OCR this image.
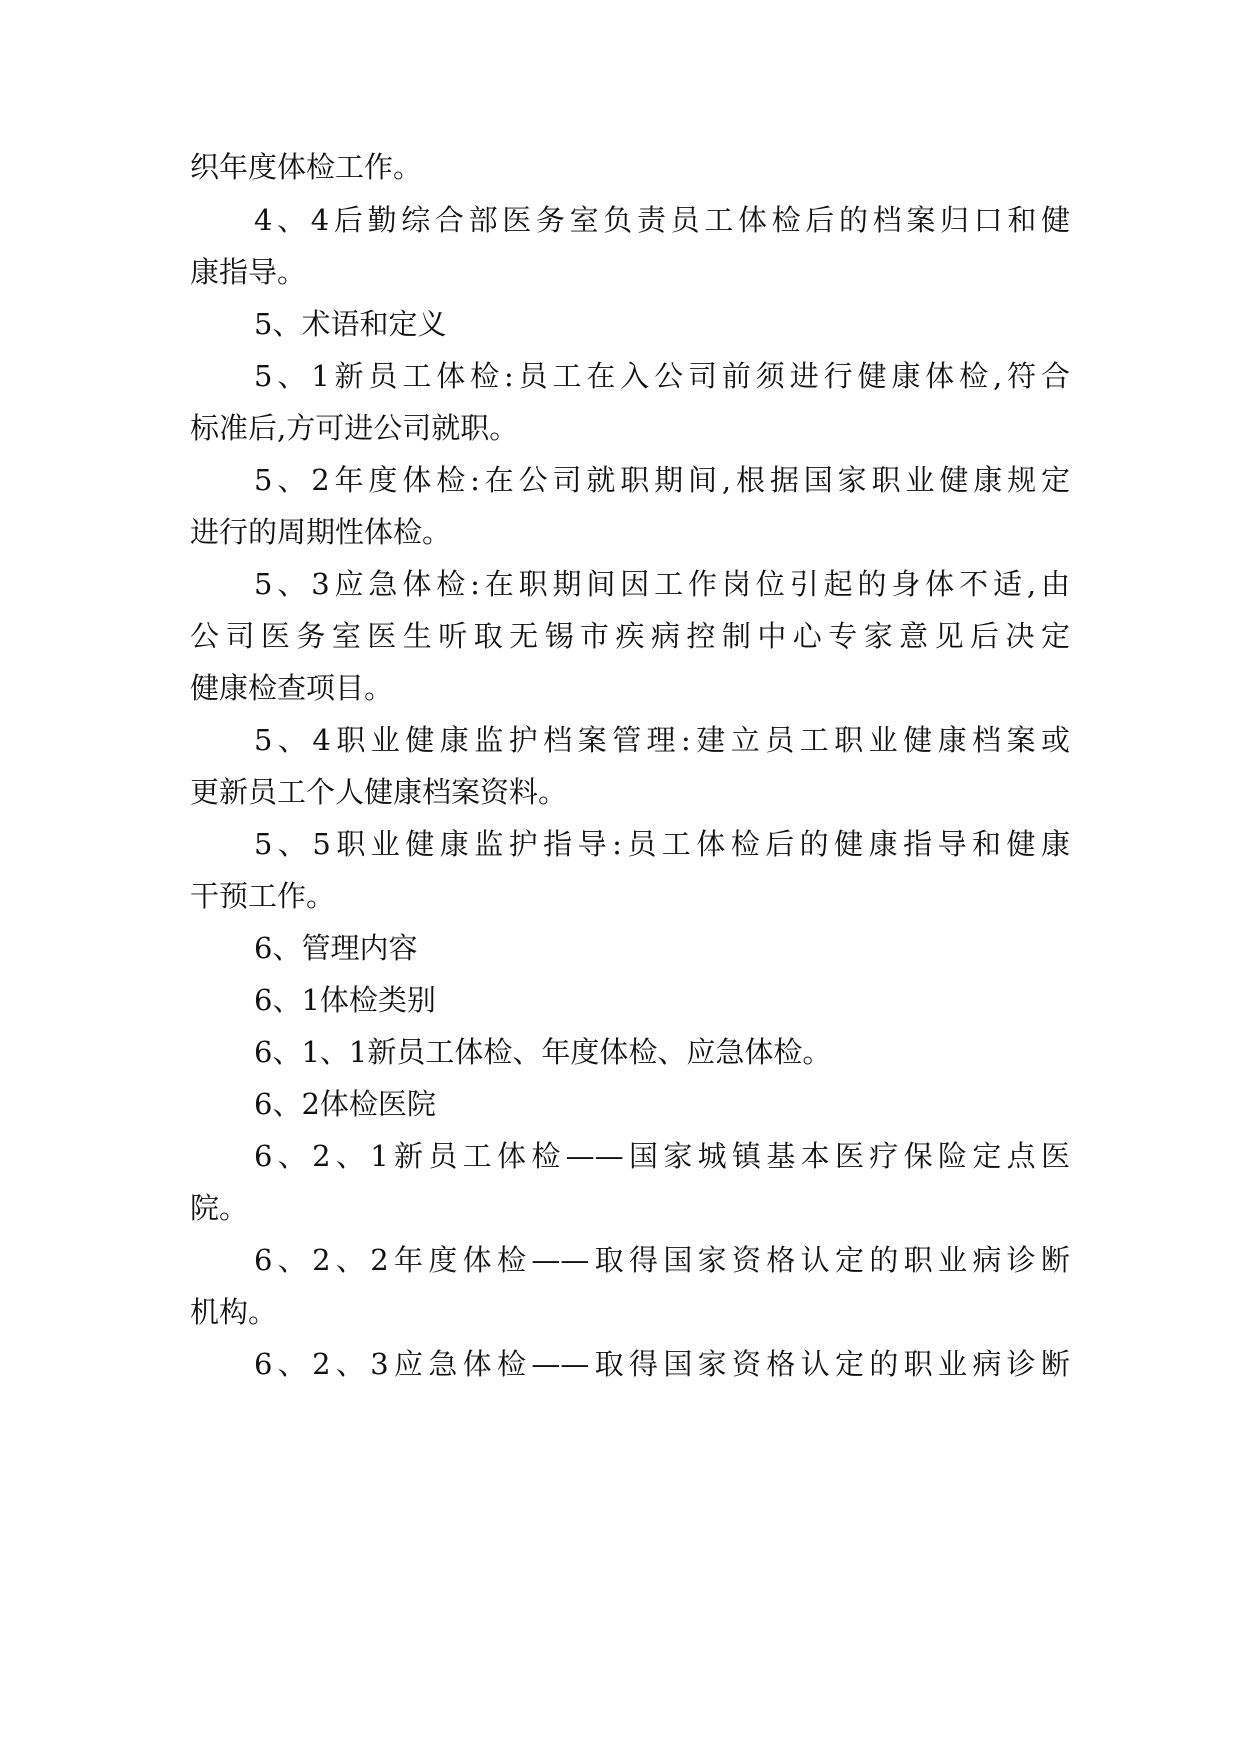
织年度体检工作。
4、4后勤综合部医务室负责员工体检后的档案归口和健
康指导。
5、术语和定义
5、1新员工体检:员工在入公司前须进行健康体检,符合
标准后,方可进公司就职。
5、2年度体检:在公司就职期间,根据国家职业健康规定
进行的周期性体检。
5、3应急体检:在职期间因工作岗位引起的身体不适,由
公司医务室医生听取无锡市疾病控制中心专家意见后决定
健康检查项目。
5、4职业健康监护档案管理:建立员工职业健康档案或
更新员工个人健康档案资料。
5、5职业健康监护指导:员工体检后的健康指导和健康
干预工作。
6、管理内容
6、1体检类别
6、1、1新员工体检、年度体检、应急体检。
6、2体检医院
6、2、1新员工体检——国家城镇基本医疗保险定点医
院。
6、2、2年度体检——取得国家资格认定的职业病诊断
机构。
6、2、3应急体检——取得国家资格认定的职业病诊断
